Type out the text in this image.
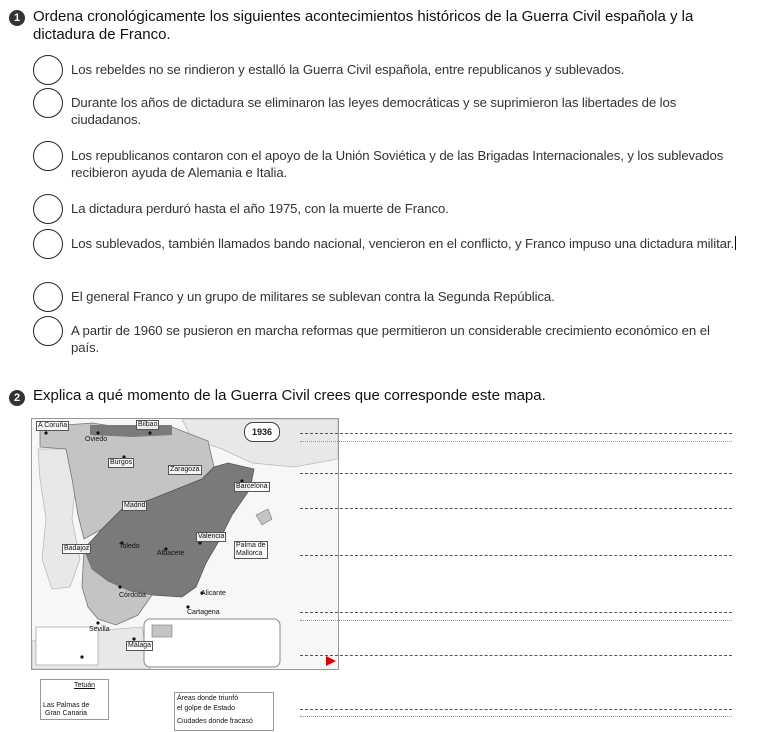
1 Ordena cronológicamente los siguientes acontecimientos históricos de la Guerra Civil española y la dictadura de Franco.
Los rebeldes no se rindieron y estalló la Guerra Civil española, entre republicanos y sublevados.
Durante los años de dictadura se eliminaron las leyes democráticas y se suprimieron las libertades de los ciudadanos.
Los republicanos contaron con el apoyo de la Unión Soviética y de las Brigadas Internacionales, y los sublevados recibieron ayuda de Alemania e Italia.
La dictadura perduró hasta el año 1975, con la muerte de Franco.
Los sublevados, también llamados bando nacional, vencieron en el conflicto, y Franco impuso una dictadura militar.
El general Franco y un grupo de militares se sublevan contra la Segunda República.
A partir de 1960 se pusieron en marcha reformas que permitieron un considerable crecimiento económico en el país.
2 Explica a qué momento de la Guerra Civil crees que corresponde este mapa.
1936
A Coruña	Bilbao
Oviedo
Burgos
Zaragoza
Barcelona
Madrid
Valencia
Badajoz	Toledo
Albacete
Palma de
Mallorca
Córdoba	Alicante
Cartagena
Sevilla
Málaga
Tetuán
Las Palmas de
Gran Canaria
Áreas donde triunfó
el golpe de Estado
Ciudades donde fracasó
